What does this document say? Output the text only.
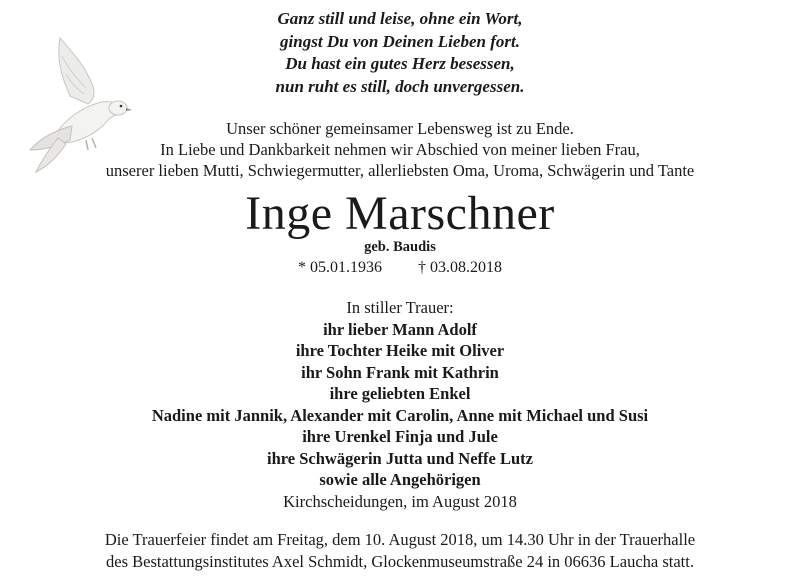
Ganz still und leise, ohne ein Wort,
gingst Du von Deinen Lieben fort.
Du hast ein gutes Herz besessen,
nun ruht es still, doch unvergessen.
Unser schöner gemeinsamer Lebensweg ist zu Ende.
In Liebe und Dankbarkeit nehmen wir Abschied von meiner lieben Frau,
unserer lieben Mutti, Schwiegermutter, allerliebsten Oma, Uroma, Schwägerin und Tante
Inge Marschner
geb. Baudis
* 05.01.1936 † 03.08.2018
In stiller Trauer:
ihr lieber Mann Adolf
ihre Tochter Heike mit Oliver
ihr Sohn Frank mit Kathrin
ihre geliebten Enkel
Nadine mit Jannik, Alexander mit Carolin, Anne mit Michael und Susi
ihre Urenkel Finja und Jule
ihre Schwägerin Jutta und Neffe Lutz
sowie alle Angehörigen
Kirchscheidungen, im August 2018
Die Trauerfeier findet am Freitag, dem 10. August 2018, um 14.30 Uhr in der Trauerhalle
des Bestattungsinstitutes Axel Schmidt, Glockenmuseumstraße 24 in 06636 Laucha statt.
